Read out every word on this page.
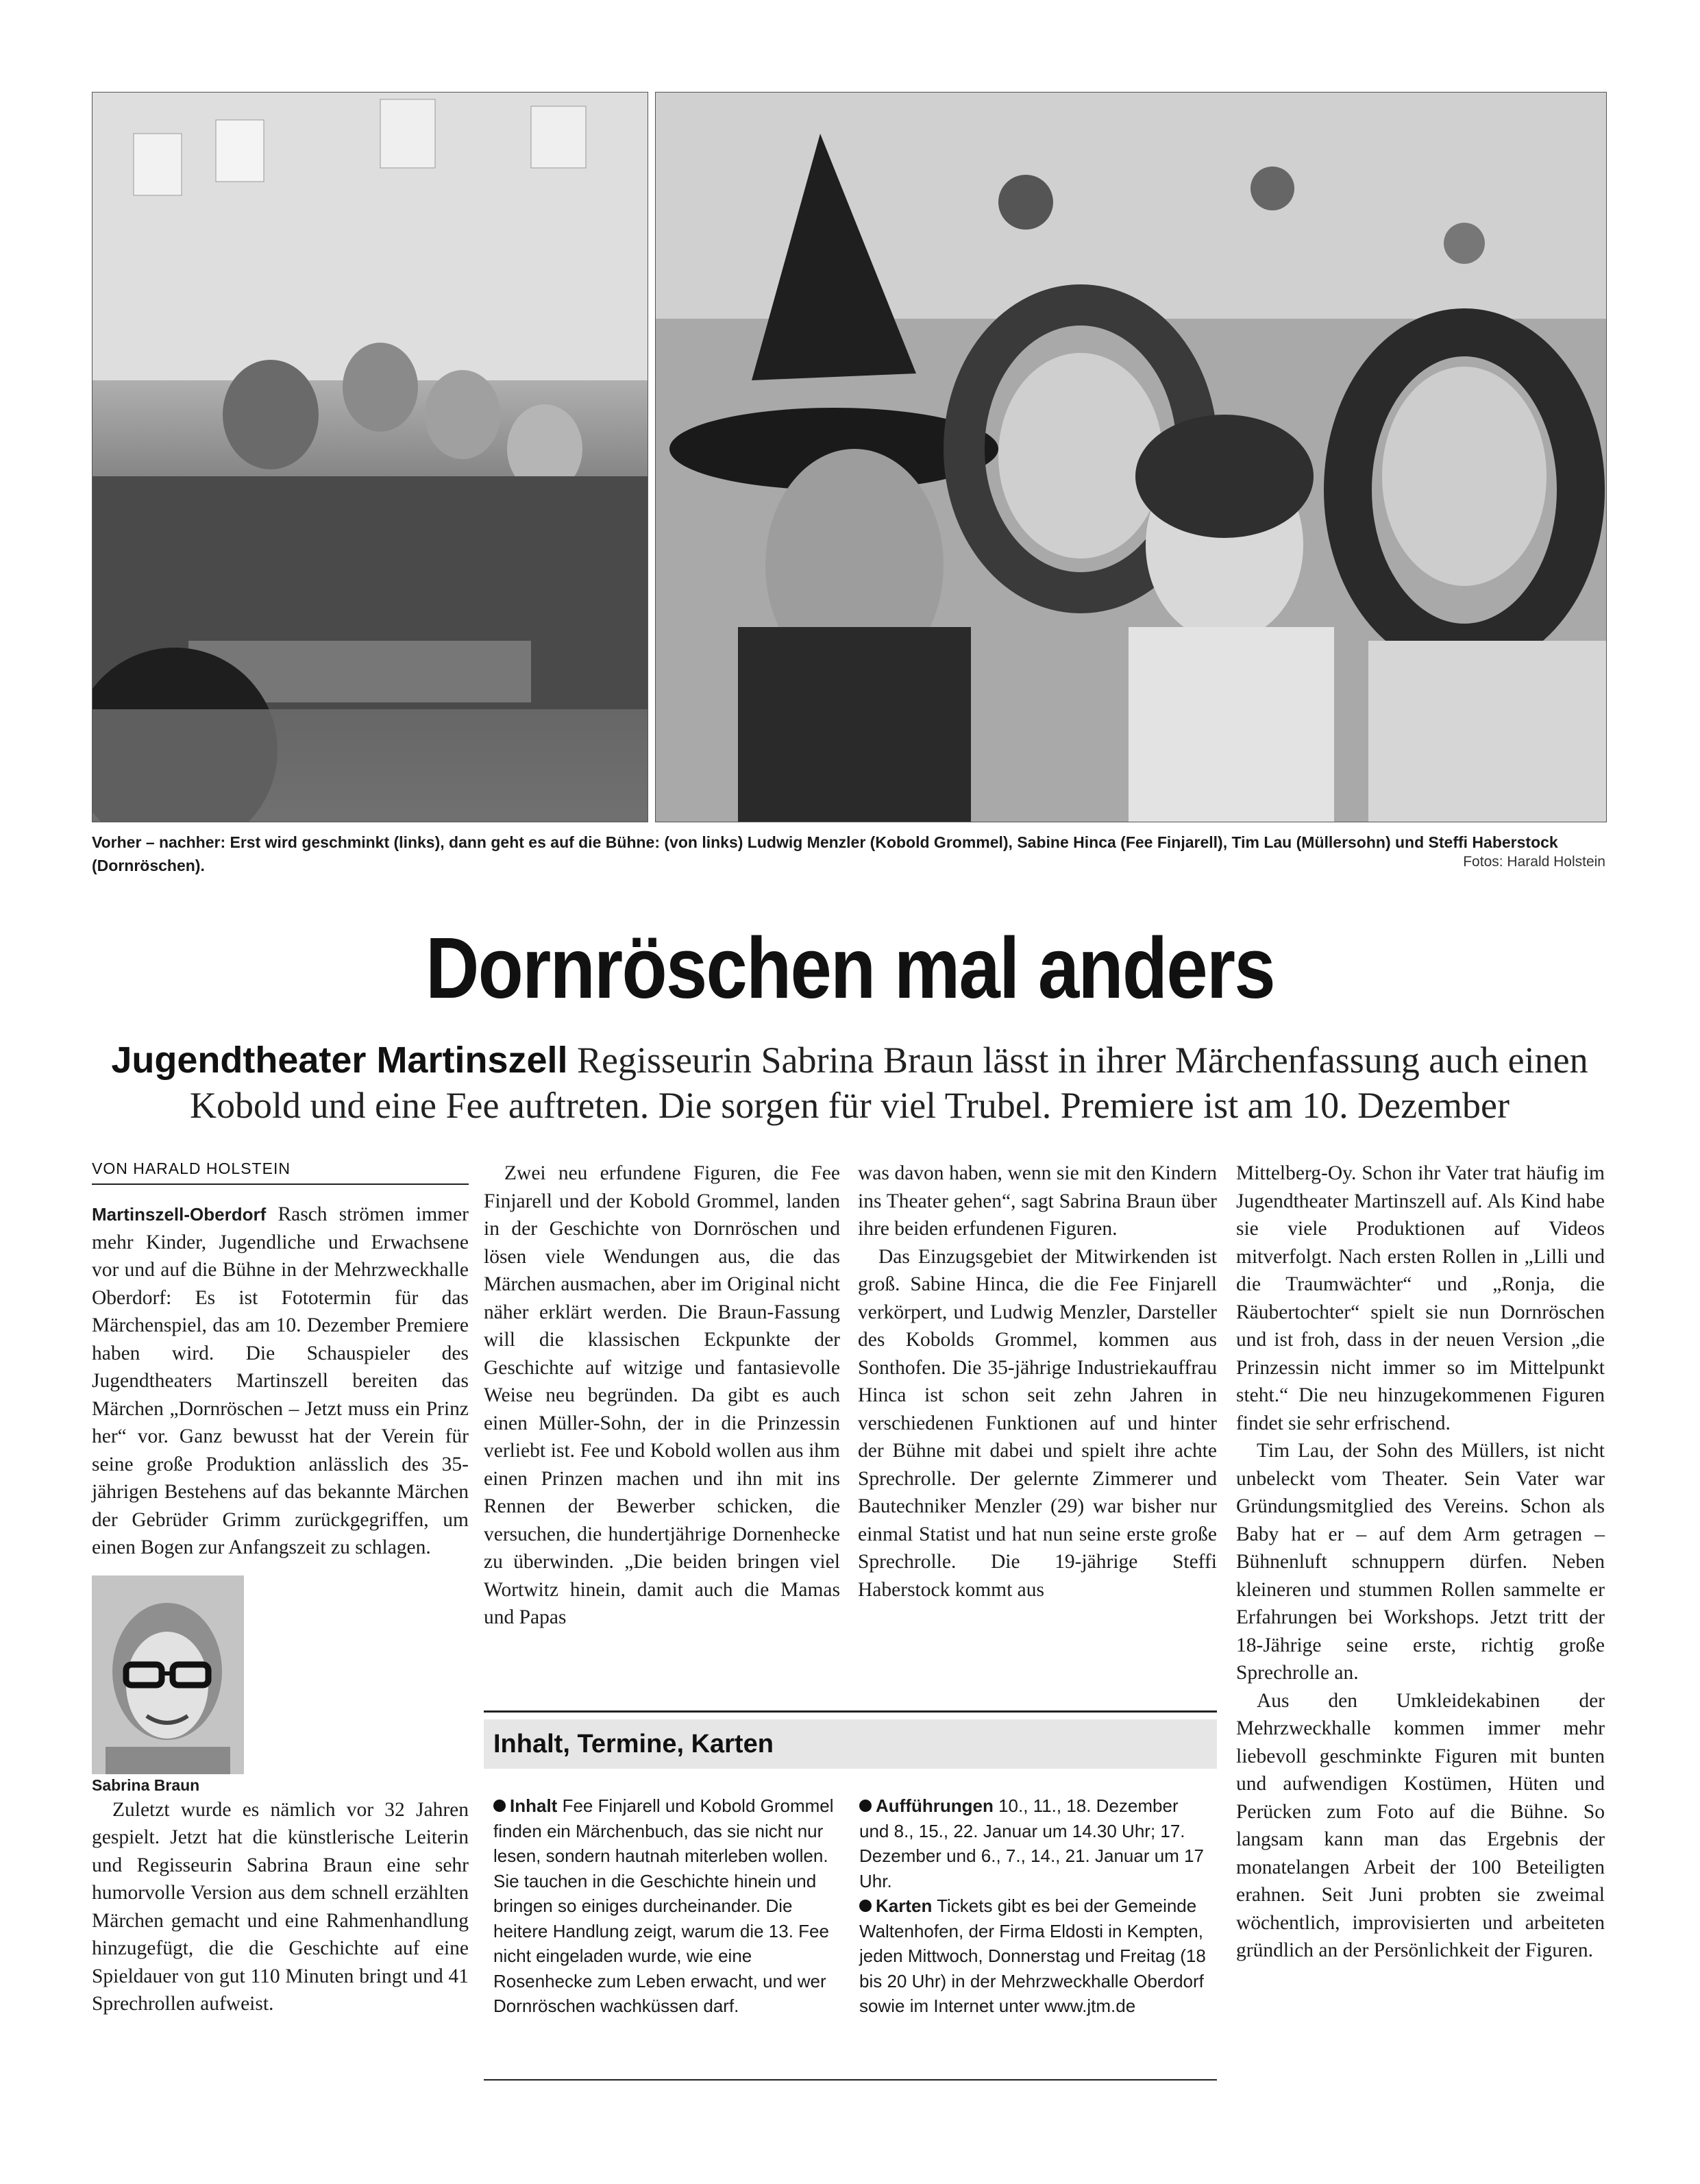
Vorher – nachher: Erst wird geschminkt (links), dann geht es auf die Bühne: (von links) Ludwig Menzler (Kobold Grommel), Sabine Hinca (Fee Finjarell), Tim Lau (Müllersohn) und Steffi Haberstock (Dornröschen).	Fotos: Harald Holstein
Dornröschen mal anders
Jugendtheater Martinszell Regisseurin Sabrina Braun lässt in ihrer Märchenfassung auch einen Kobold und eine Fee auftreten. Die sorgen für viel Trubel. Premiere ist am 10. Dezember
VON HARALD HOLSTEIN

Martinszell-Oberdorf Rasch strömen immer mehr Kinder, Jugendliche und Erwachsene vor und auf die Bühne in der Mehrzweckhalle Oberdorf: Es ist Fototermin für das Märchenspiel, das am 10. Dezember Premiere haben wird. Die Schauspieler des Jugendtheaters Martinszell bereiten das Märchen „Dornröschen – Jetzt muss ein Prinz her“ vor. Ganz bewusst hat der Verein für seine große Produktion anlässlich des 35-jährigen Bestehens auf das bekannte Märchen der Gebrüder Grimm zurückgegriffen, um einen Bogen zur Anfangszeit zu schlagen.

Sabrina Braun

Zuletzt wurde es nämlich vor 32 Jahren gespielt. Jetzt hat die künstlerische Leiterin und Regisseurin Sabrina Braun eine sehr humorvolle Version aus dem schnell erzählten Märchen gemacht und eine Rahmenhandlung hinzugefügt, die die Geschichte auf eine Spieldauer von gut 110 Minuten bringt und 41 Sprechrollen aufweist.

Zwei neu erfundene Figuren, die Fee Finjarell und der Kobold Grommel, landen in der Geschichte von Dornröschen und lösen viele Wendungen aus, die das Märchen ausmachen, aber im Original nicht näher erklärt werden. Die Braun-Fassung will die klassischen Eckpunkte der Geschichte auf witzige und fantasievolle Weise neu begründen. Da gibt es auch einen Müller-Sohn, der in die Prinzessin verliebt ist. Fee und Kobold wollen aus ihm einen Prinzen machen und ihn mit ins Rennen der Bewerber schicken, die versuchen, die hundertjährige Dornenhecke zu überwinden. „Die beiden bringen viel Wortwitz hinein, damit auch die Mamas und Papas

was davon haben, wenn sie mit den Kindern ins Theater gehen“, sagt Sabrina Braun über ihre beiden erfundenen Figuren.

Das Einzugsgebiet der Mitwirkenden ist groß. Sabine Hinca, die die Fee Finjarell verkörpert, und Ludwig Menzler, Darsteller des Kobolds Grommel, kommen aus Sonthofen. Die 35-jährige Industriekauffrau Hinca ist schon seit zehn Jahren in verschiedenen Funktionen auf und hinter der Bühne mit dabei und spielt ihre achte Sprechrolle. Der gelernte Zimmerer und Bautechniker Menzler (29) war bisher nur einmal Statist und hat nun seine erste große Sprechrolle. Die 19-jährige Steffi Haberstock kommt aus

Mittelberg-Oy. Schon ihr Vater trat häufig im Jugendtheater Martinszell auf. Als Kind habe sie viele Produktionen auf Videos mitverfolgt. Nach ersten Rollen in „Lilli und die Traumwächter“ und „Ronja, die Räubertochter“ spielt sie nun Dornröschen und ist froh, dass in der neuen Version „die Prinzessin nicht immer so im Mittelpunkt steht.“ Die neu hinzugekommenen Figuren findet sie sehr erfrischend.

Tim Lau, der Sohn des Müllers, ist nicht unbeleckt vom Theater. Sein Vater war Gründungsmitglied des Vereins. Schon als Baby hat er – auf dem Arm getragen – Bühnenluft schnuppern dürfen. Neben kleineren und stummen Rollen sammelte er Erfahrungen bei Workshops. Jetzt tritt der 18-Jährige seine erste, richtig große Sprechrolle an.

Aus den Umkleidekabinen der Mehrzweckhalle kommen immer mehr liebevoll geschminkte Figuren mit bunten und aufwendigen Kostümen, Hüten und Perücken zum Foto auf die Bühne. So langsam kann man das Ergebnis der monatelangen Arbeit der 100 Beteiligten erahnen. Seit Juni probten sie zweimal wöchentlich, improvisierten und arbeiteten gründlich an der Persönlichkeit der Figuren.

Inhalt, Termine, Karten

Inhalt Fee Finjarell und Kobold Grommel finden ein Märchenbuch, das sie nicht nur lesen, sondern hautnah miterleben wollen. Sie tauchen in die Geschichte hinein und bringen so einiges durcheinander. Die heitere Handlung zeigt, warum die 13. Fee nicht eingeladen wurde, wie eine Rosenhecke zum Leben erwacht, und wer Dornröschen wachküssen darf.

Aufführungen 10., 11., 18. Dezember und 8., 15., 22. Januar um 14.30 Uhr; 17. Dezember und 6., 7., 14., 21. Januar um 17 Uhr.

Karten Tickets gibt es bei der Gemeinde Waltenhofen, der Firma Eldosti in Kempten, jeden Mittwoch, Donnerstag und Freitag (18 bis 20 Uhr) in der Mehrzweckhalle Oberdorf sowie im Internet unter www.jtm.de
